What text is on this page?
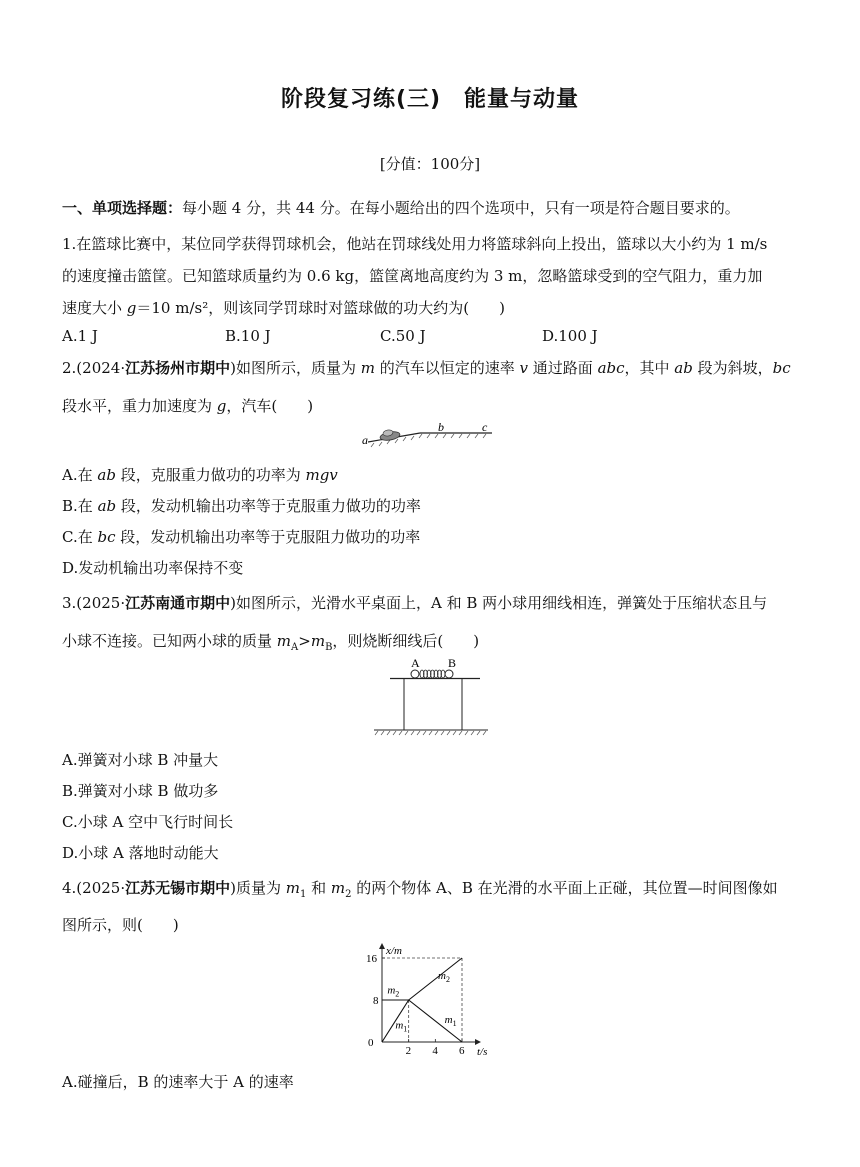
阶段复习练(三)　能量与动量
[分值：100分]
一、单项选择题：每小题 4 分，共 44 分。在每小题给出的四个选项中，只有一项是符合题目要求的。
1.在篮球比赛中，某位同学获得罚球机会，他站在罚球线处用力将篮球斜向上投出，篮球以大小约为 1 m/s
的速度撞击篮筐。已知篮球质量约为 0.6 kg，篮筐离地高度约为 3 m，忽略篮球受到的空气阻力，重力加
速度大小 g＝10 m/s²，则该同学罚球时对篮球做的功大约为(　　)
A.1 J	B.10 J	C.50 J	D.100 J
2.(2024·江苏扬州市期中)如图所示，质量为 m 的汽车以恒定的速率 v 通过路面 abc，其中 ab 段为斜坡，bc
段水平，重力加速度为 g，汽车(　　)
a
b	c
A.在 ab 段，克服重力做功的功率为 mgv
B.在 ab 段，发动机输出功率等于克服重力做功的功率
C.在 bc 段，发动机输出功率等于克服阻力做功的功率
D.发动机输出功率保持不变
3.(2025·江苏南通市期中)如图所示，光滑水平桌面上，A 和 B 两小球用细线相连，弹簧处于压缩状态且与
小球不连接。已知两小球的质量 $m_A>m_B$，则烧断细线后(　　)
A B
A.弹簧对小球 B 冲量大
B.弹簧对小球 B 做功多
C.小球 A 空中飞行时间长
D.小球 A 落地时动能大
4.(2025·江苏无锡市期中)质量为 $m_1$ 和 $m_2$ 的两个物体 A、B 在光滑的水平面上正碰，其位置—时间图像如
图所示，则(　　)
x/m
t/s
0
2 4 6
16
8
$m_2$
$m_2$
$m_1$
$m_1$
A.碰撞后，B 的速率大于 A 的速率
